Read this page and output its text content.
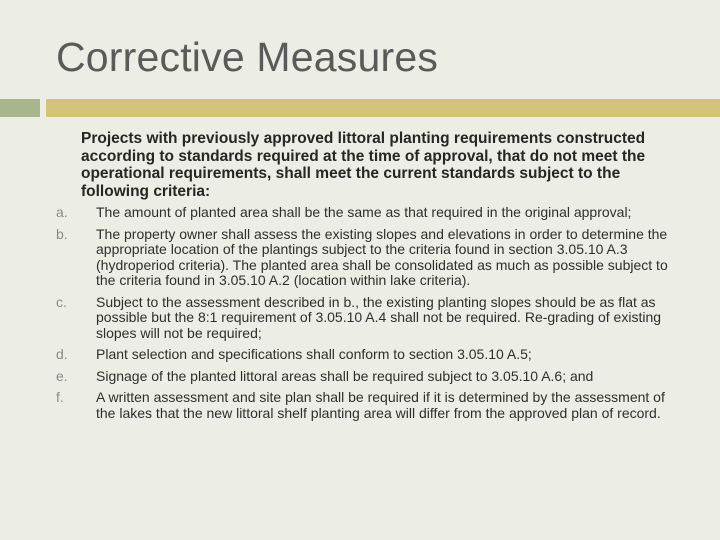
Corrective Measures
Projects with previously approved littoral planting requirements constructed according to standards required at the time of approval, that do not meet the operational requirements, shall meet the current standards subject to the following criteria:
a.	The amount of planted area shall be the same as that required in the original approval;
b.	The property owner shall assess the existing slopes and elevations in order to determine the appropriate location of the plantings subject to the criteria found in section 3.05.10 A.3 (hydroperiod criteria). The planted area shall be consolidated as much as possible subject to the criteria found in 3.05.10 A.2 (location within lake criteria).
c.	Subject to the assessment described in b., the existing planting slopes should be as flat as possible but the 8:1 requirement of 3.05.10 A.4 shall not be required. Re-grading of existing slopes will not be required;
d.	Plant selection and specifications shall conform to section 3.05.10 A.5;
e.	Signage of the planted littoral areas shall be required subject to 3.05.10 A.6; and
f.	A written assessment and site plan shall be required if it is determined by the assessment of the lakes that the new littoral shelf planting area will differ from the approved plan of record.
